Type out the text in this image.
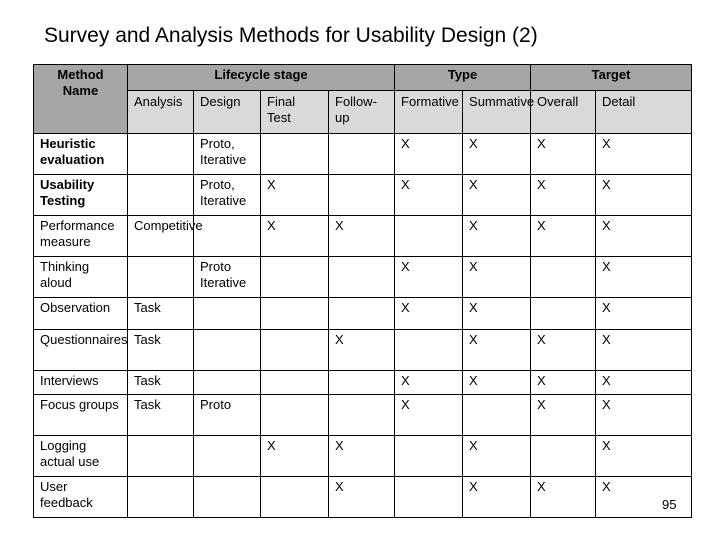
Survey and Analysis Methods for Usability Design (2)
Method Name	Lifecycle stage				Type		Target	
	Analysis	Design	Final Test	Follow-up	Formative	Summative	Overall	Detail
Heuristic evaluation		Proto, Iterative			X	X	X	X
Usability Testing		Proto, Iterative	X		X	X	X	X
Performance measure	Competitive		X	X		X	X	X
Thinking aloud		Proto Iterative			X	X		X
Observation	Task				X	X		X
Questionnaires	Task			X		X	X	X
Interviews	Task				X	X	X	X
Focus groups	Task	Proto			X		X	X
Logging actual use			X	X		X		X
User feedback				X		X	X	X
95
